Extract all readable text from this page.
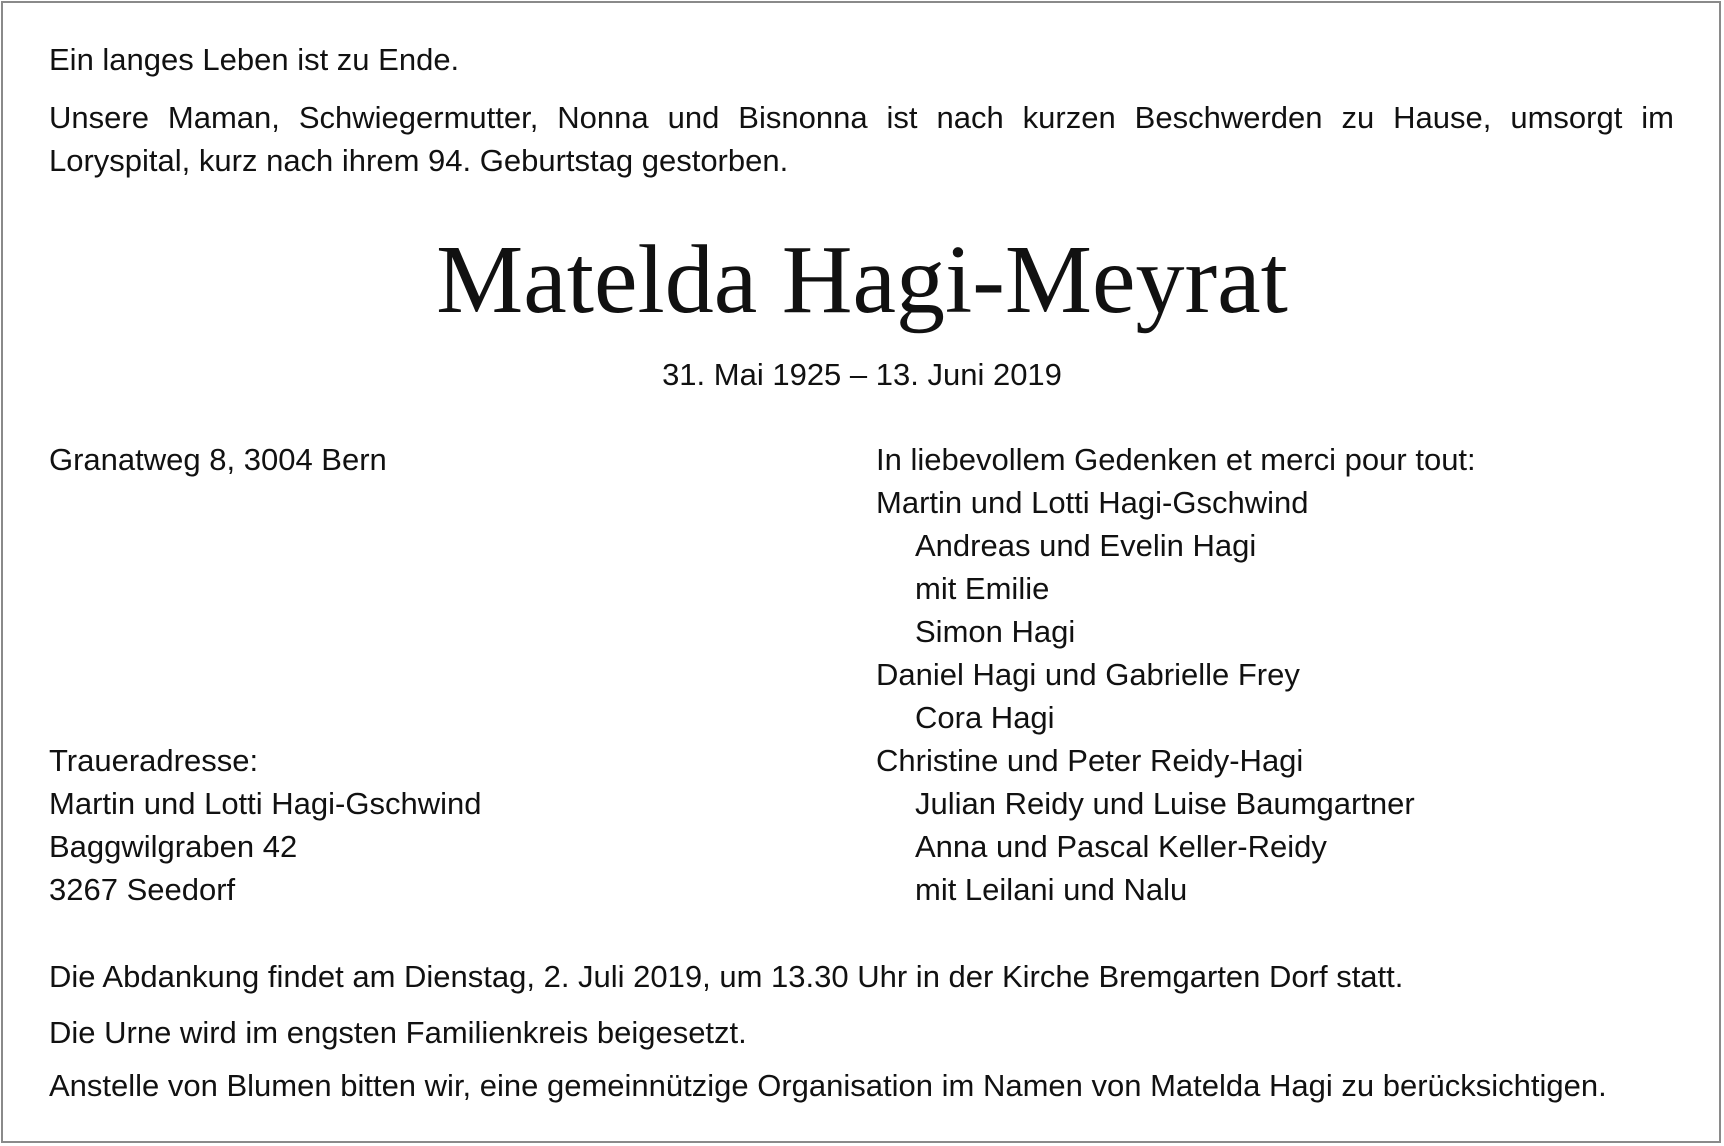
Ein langes Leben ist zu Ende.
Unsere Maman, Schwiegermutter, Nonna und Bisnonna ist nach kurzen Beschwerden zu Hause, umsorgt im
Loryspital, kurz nach ihrem 94. Geburtstag gestorben.
Matelda Hagi-Meyrat
31. Mai 1925 – 13. Juni 2019
Granatweg 8, 3004 Bern
Traueradresse:
Martin und Lotti Hagi-Gschwind
Baggwilgraben 42
3267 Seedorf
In liebevollem Gedenken et merci pour tout:
Martin und Lotti Hagi-Gschwind
Andreas und Evelin Hagi
mit Emilie
Simon Hagi
Daniel Hagi und Gabrielle Frey
Cora Hagi
Christine und Peter Reidy-Hagi
Julian Reidy und Luise Baumgartner
Anna und Pascal Keller-Reidy
mit Leilani und Nalu
Die Abdankung findet am Dienstag, 2. Juli 2019, um 13.30 Uhr in der Kirche Bremgarten Dorf statt.
Die Urne wird im engsten Familienkreis beigesetzt.
Anstelle von Blumen bitten wir, eine gemeinnützige Organisation im Namen von Matelda Hagi zu berücksichtigen.
